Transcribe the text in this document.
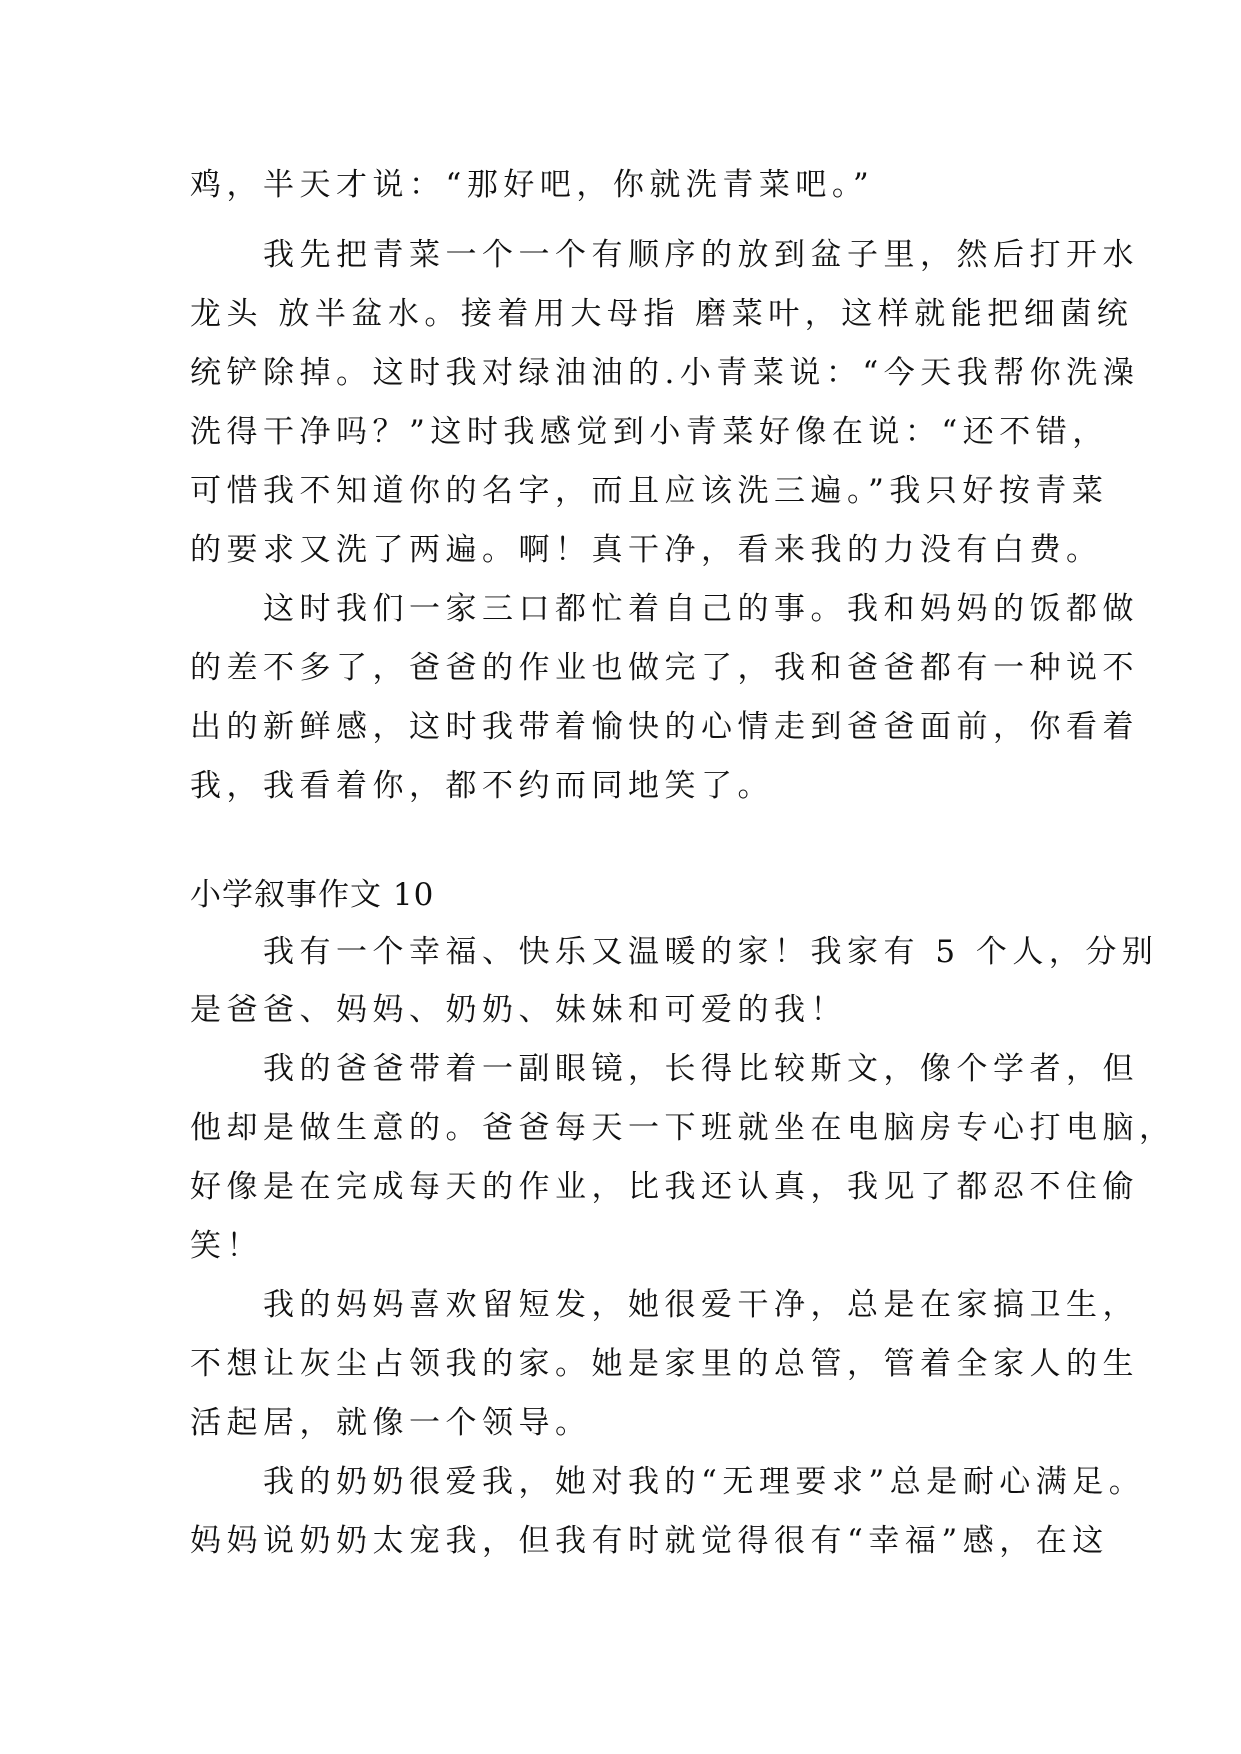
鸡，半天才说：“那好吧，你就洗青菜吧。”
　　我先把青菜一个一个有顺序的放到盆子里，然后打开水
龙头 放半盆水。接着用大母指 磨菜叶，这样就能把细菌统
统铲除掉。这时我对绿油油的.小青菜说：“今天我帮你洗澡
洗得干净吗？”这时我感觉到小青菜好像在说：“还不错，
可惜我不知道你的名字，而且应该洗三遍。”我只好按青菜
的要求又洗了两遍。啊！真干净，看来我的力没有白费。
　　这时我们一家三口都忙着自己的事。我和妈妈的饭都做
的差不多了，爸爸的作业也做完了，我和爸爸都有一种说不
出的新鲜感，这时我带着愉快的心情走到爸爸面前，你看着
我，我看着你，都不约而同地笑了。
小学叙事作文 10
　　我有一个幸福、快乐又温暖的家！我家有 5 个人，分别
是爸爸、妈妈、奶奶、妹妹和可爱的我！
　　我的爸爸带着一副眼镜，长得比较斯文，像个学者，但
他却是做生意的。爸爸每天一下班就坐在电脑房专心打电脑，
好像是在完成每天的作业，比我还认真，我见了都忍不住偷
笑！
　　我的妈妈喜欢留短发，她很爱干净，总是在家搞卫生，
不想让灰尘占领我的家。她是家里的总管，管着全家人的生
活起居，就像一个领导。
　　我的奶奶很爱我，她对我的“无理要求”总是耐心满足。
妈妈说奶奶太宠我，但我有时就觉得很有“幸福”感，在这
